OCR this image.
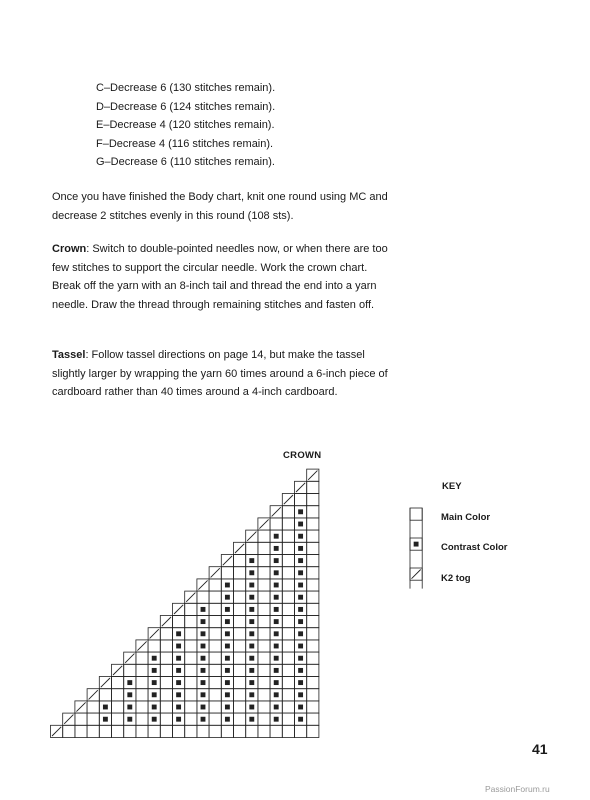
C–Decrease 6 (130 stitches remain).
D–Decrease 6 (124 stitches remain).
E–Decrease 4 (120 stitches remain).
F–Decrease 4 (116 stitches remain).
G–Decrease 6 (110 stitches remain).

Once you have finished the Body chart, knit one round using MC and decrease 2 stitches evenly in this round (108 sts).

Crown: Switch to double-pointed needles now, or when there are too few stitches to support the circular needle. Work the crown chart. Break off the yarn with an 8-inch tail and thread the end into a yarn needle. Draw the thread through remaining stitches and fasten off.

Tassel: Follow tassel directions on page 14, but make the tassel slightly larger by wrapping the yarn 60 times around a 6-inch piece of cardboard rather than 40 times around a 4-inch cardboard.

CROWN
KEY
Main Color
Contrast Color
K2 tog
41
PassionForum.ru
